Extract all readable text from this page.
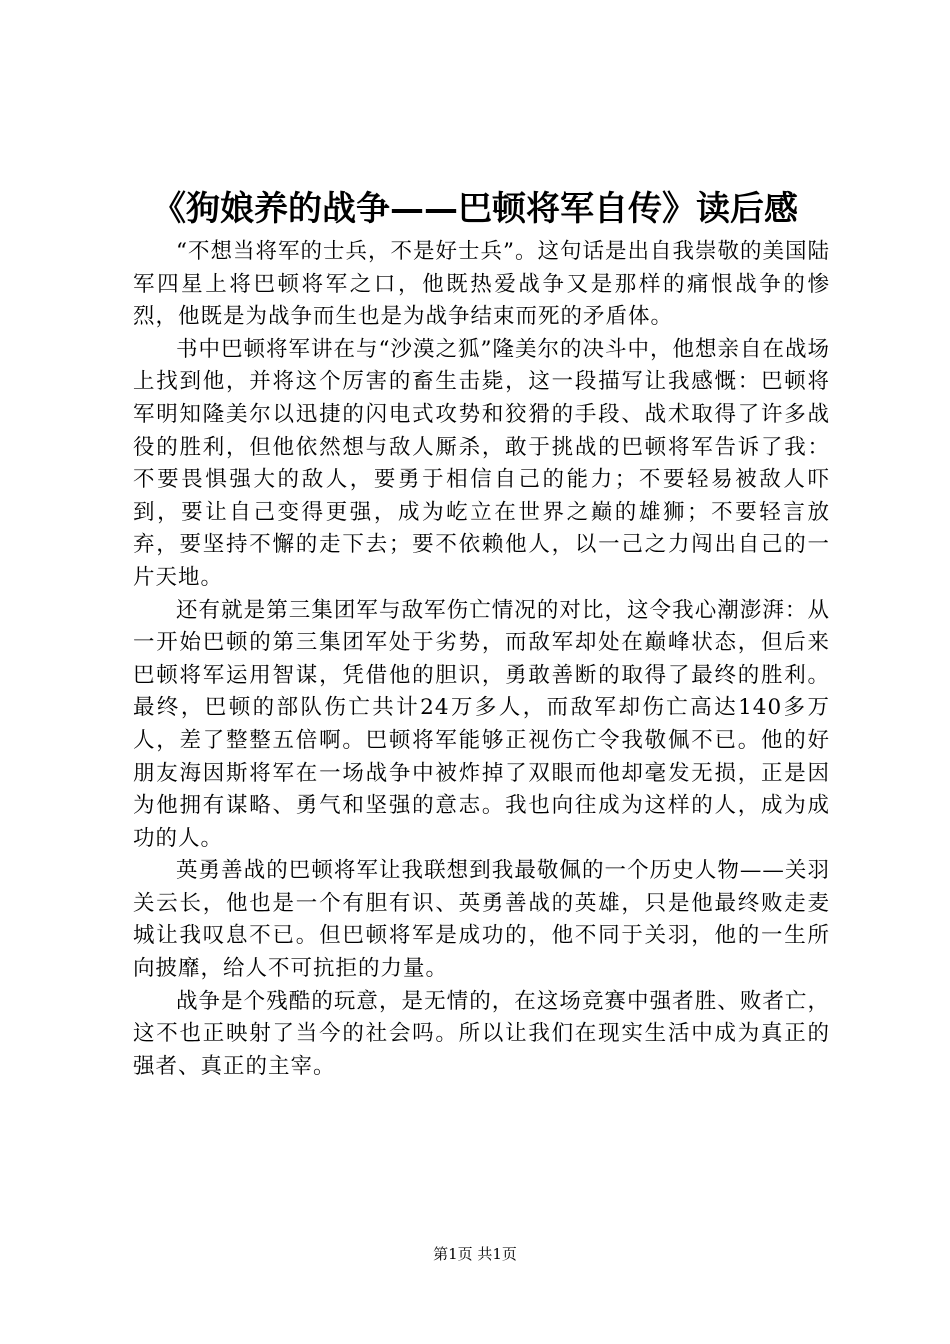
《狗娘养的战争——巴顿将军自传》读后感

“不想当将军的士兵，不是好士兵”。这句话是出自我崇敬的美国陆军四星上将巴顿将军之口，他既热爱战争又是那样的痛恨战争的惨烈，他既是为战争而生也是为战争结束而死的矛盾体。

书中巴顿将军讲在与“沙漠之狐”隆美尔的决斗中，他想亲自在战场上找到他，并将这个厉害的畜生击毙，这一段描写让我感慨：巴顿将军明知隆美尔以迅捷的闪电式攻势和狡猾的手段、战术取得了许多战役的胜利，但他依然想与敌人厮杀，敢于挑战的巴顿将军告诉了我：不要畏惧强大的敌人，要勇于相信自己的能力；不要轻易被敌人吓到，要让自己变得更强，成为屹立在世界之巅的雄狮；不要轻言放弃，要坚持不懈的走下去；要不依赖他人，以一己之力闯出自己的一片天地。

还有就是第三集团军与敌军伤亡情况的对比，这令我心潮澎湃：从一开始巴顿的第三集团军处于劣势，而敌军却处在巅峰状态，但后来巴顿将军运用智谋，凭借他的胆识，勇敢善断的取得了最终的胜利。最终，巴顿的部队伤亡共计24万多人，而敌军却伤亡高达140多万人，差了整整五倍啊。巴顿将军能够正视伤亡令我敬佩不已。他的好朋友海因斯将军在一场战争中被炸掉了双眼而他却毫发无损，正是因为他拥有谋略、勇气和坚强的意志。我也向往成为这样的人，成为成功的人。

英勇善战的巴顿将军让我联想到我最敬佩的一个历史人物——关羽关云长，他也是一个有胆有识、英勇善战的英雄，只是他最终败走麦城让我叹息不已。但巴顿将军是成功的，他不同于关羽，他的一生所向披靡，给人不可抗拒的力量。

战争是个残酷的玩意，是无情的，在这场竞赛中强者胜、败者亡，这不也正映射了当今的社会吗。所以让我们在现实生活中成为真正的强者、真正的主宰。

第1页 共1页
